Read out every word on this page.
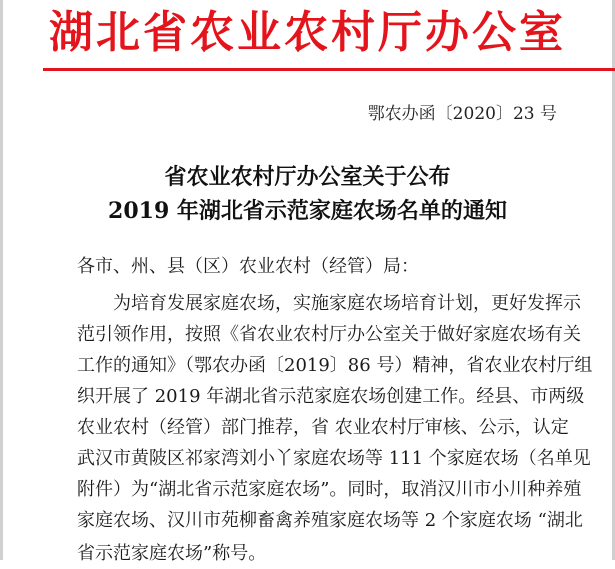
湖北省农业农村厅办公室
鄂农办函〔2020〕23 号
省农业农村厅办公室关于公布
2019 年湖北省示范家庭农场名单的通知
各市、州、县（区）农业农村（经管）局：
为培育发展家庭农场，实施家庭农场培育计划，更好发挥示
范引领作用，按照《省农业农村厅办公室关于做好家庭农场有关
工作的通知》（鄂农办函〔2019〕86 号）精神，省农业农村厅组
织开展了 2019 年湖北省示范家庭农场创建工作。经县、市两级
农业农村（经管）部门推荐，省 农业农村厅审核、公示，认定
武汉市黄陂区祁家湾刘小丫家庭农场等 111 个家庭农场（名单见
附件）为“湖北省示范家庭农场”。同时，取消汉川市小川种养殖
家庭农场、汉川市苑柳畜禽养殖家庭农场等 2 个家庭农场 “湖北
省示范家庭农场”称号。
